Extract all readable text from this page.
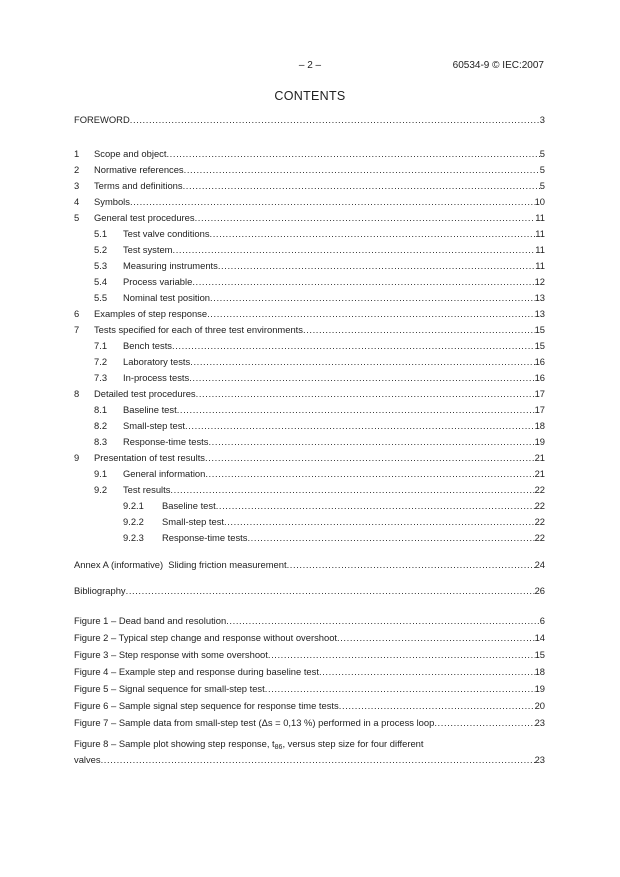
– 2 –	60534-9 © IEC:2007
CONTENTS
FOREWORD .....	3
1	Scope and object .....	5
2	Normative references .....	5
3	Terms and definitions .....	5
4	Symbols .....	10
5	General test procedures .....	11
5.1	Test valve conditions .....	11
5.2	Test system .....	11
5.3	Measuring instruments .....	11
5.4	Process variable .....	12
5.5	Nominal test position .....	13
6	Examples of step response .....	13
7	Tests specified for each of three test environments .....	15
7.1	Bench tests .....	15
7.2	Laboratory tests .....	16
7.3	In-process tests .....	16
8	Detailed test procedures .....	17
8.1	Baseline test .....	17
8.2	Small-step test .....	18
8.3	Response-time tests .....	19
9	Presentation of test results .....	21
9.1	General information .....	21
9.2	Test results .....	22
9.2.1	Baseline test .....	22
9.2.2	Small-step test .....	22
9.2.3	Response-time tests .....	22
Annex A (informative)  Sliding friction measurement .....	24
Bibliography .....	26
Figure 1 – Dead band and resolution .....	6
Figure 2 – Typical step change and response without overshoot .....	14
Figure 3 – Step response with some overshoot .....	15
Figure 4 – Example step and response during baseline test .....	18
Figure 5 – Signal sequence for small-step test .....	19
Figure 6 – Sample signal step sequence for response time tests .....	20
Figure 7 – Sample data from small-step test (Δs = 0,13 %) performed in a process loop .....	23
Figure 8 – Sample plot showing step response, $t_{86}$, versus step size for four different
valves .....	23
